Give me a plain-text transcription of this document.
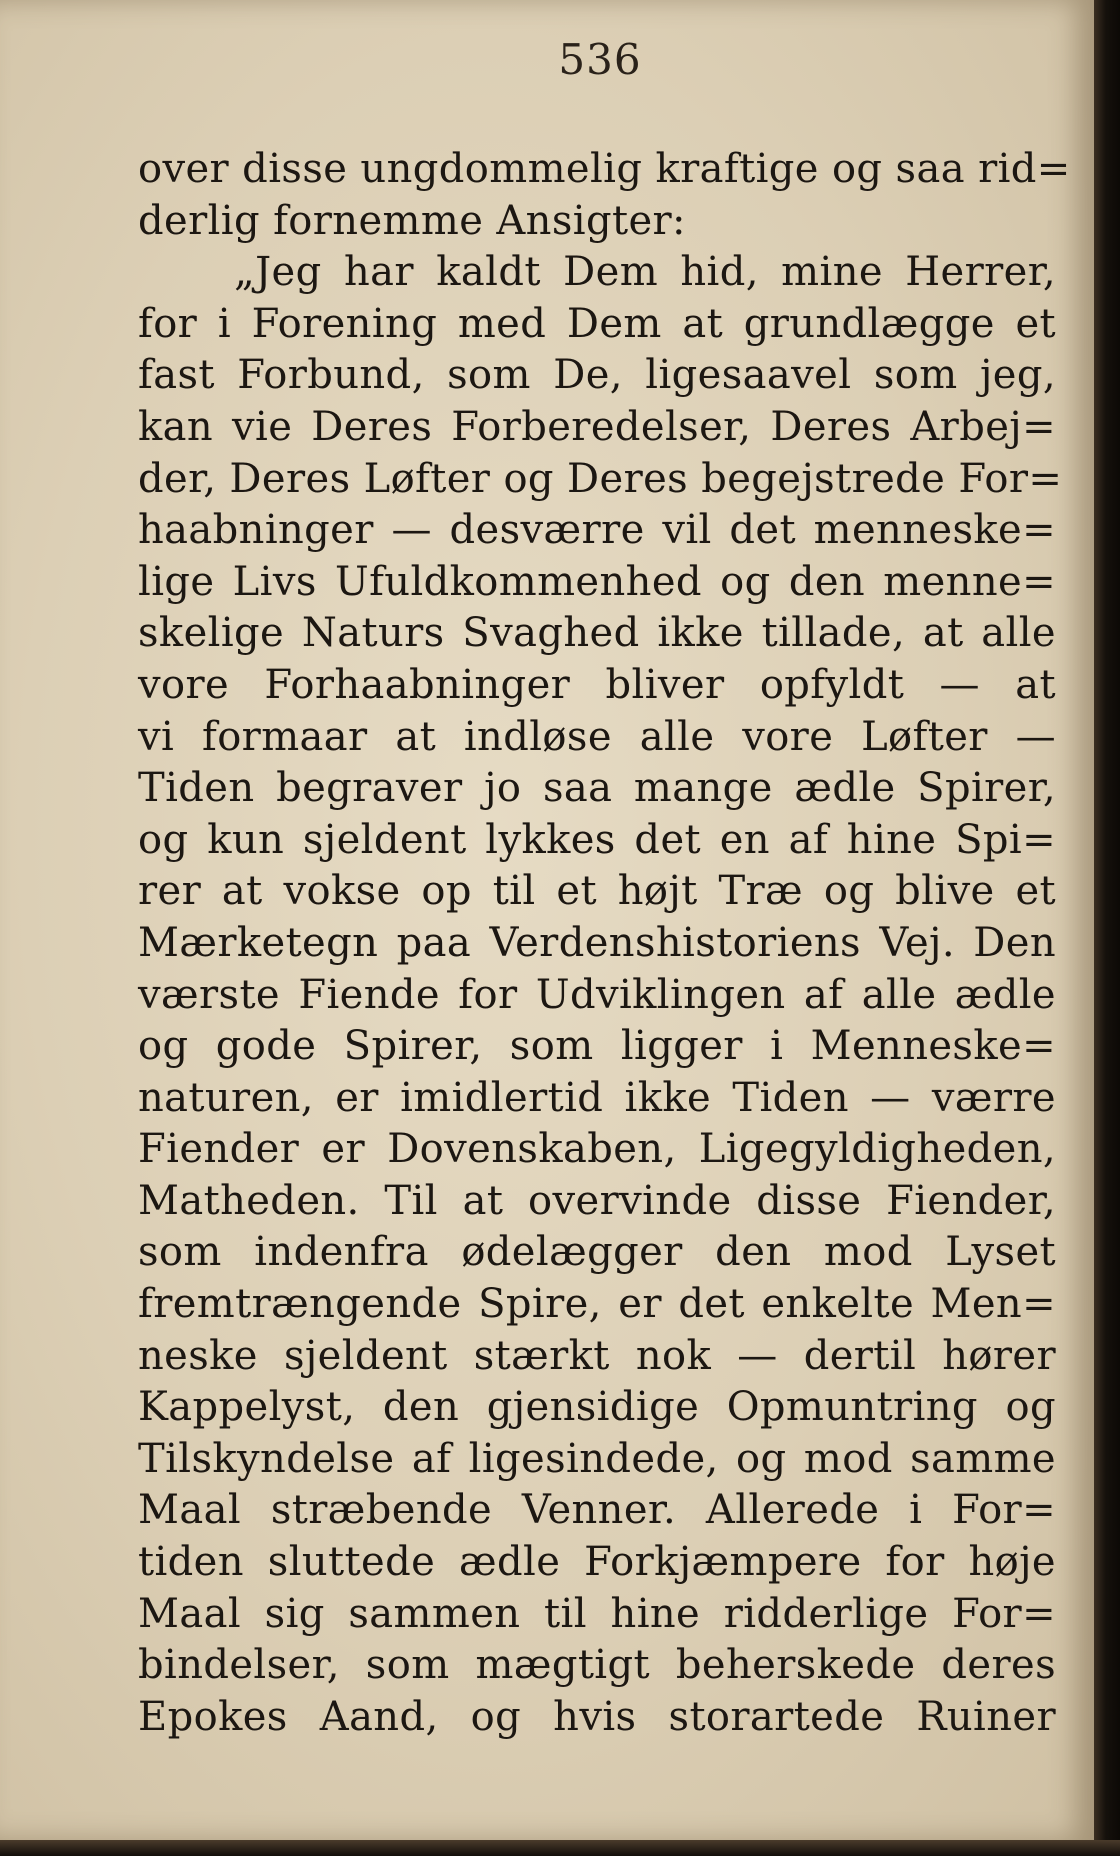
536
over disse ungdommelig kraftige og saa rid=
derlig fornemme Ansigter:
„Jeg har kaldt Dem hid, mine Herrer,
for i Forening med Dem at grundlægge et
fast Forbund, som De, ligesaavel som jeg,
kan vie Deres Forberedelser, Deres Arbej=
der, Deres Løfter og Deres begejstrede For=
haabninger — desværre vil det menneske=
lige Livs Ufuldkommenhed og den menne=
skelige Naturs Svaghed ikke tillade, at alle
vore Forhaabninger bliver opfyldt — at
vi formaar at indløse alle vore Løfter —
Tiden begraver jo saa mange ædle Spirer,
og kun sjeldent lykkes det en af hine Spi=
rer at vokse op til et højt Træ og blive et
Mærketegn paa Verdenshistoriens Vej. Den
værste Fiende for Udviklingen af alle ædle
og gode Spirer, som ligger i Menneske=
naturen, er imidlertid ikke Tiden — værre
Fiender er Dovenskaben, Ligegyldigheden,
Matheden. Til at overvinde disse Fiender,
som indenfra ødelægger den mod Lyset
fremtrængende Spire, er det enkelte Men=
neske sjeldent stærkt nok — dertil hører
Kappelyst, den gjensidige Opmuntring og
Tilskyndelse af ligesindede, og mod samme
Maal stræbende Venner. Allerede i For=
tiden sluttede ædle Forkjæmpere for høje
Maal sig sammen til hine ridderlige For=
bindelser, som mægtigt beherskede deres
Epokes Aand, og hvis storartede Ruiner
